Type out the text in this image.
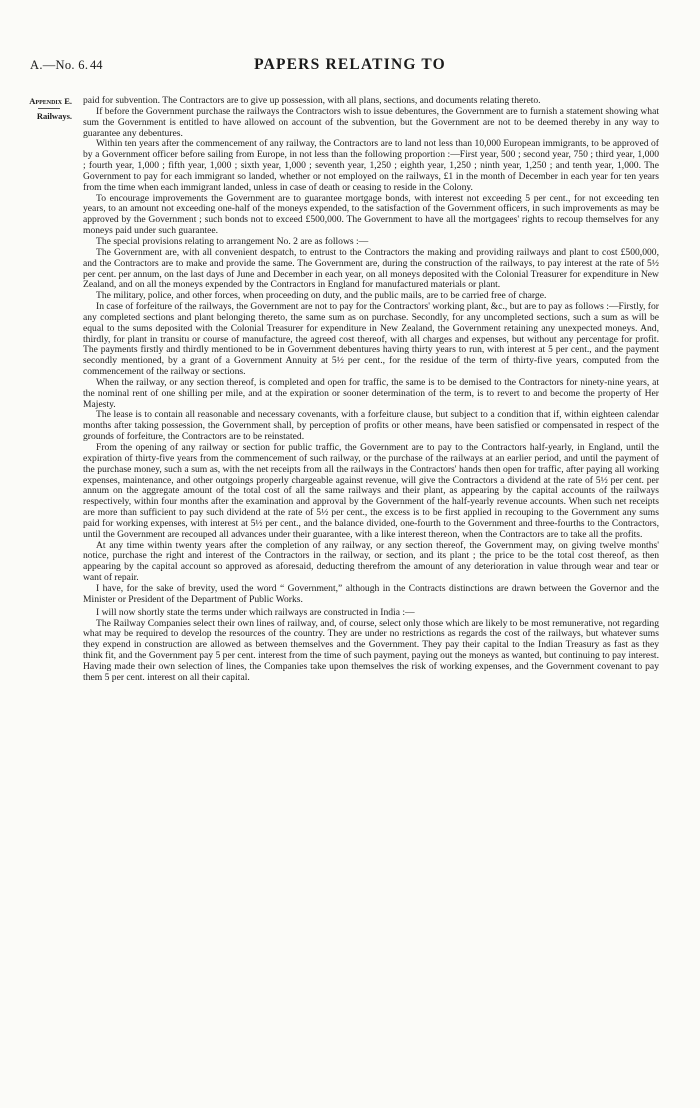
A.—No. 6. 44	PAPERS RELATING TO
Appendix E.
Railways.

paid for subvention. The Contractors are to give up possession, with all plans, sections, and documents relating thereto.

If before the Government purchase the railways the Contractors wish to issue debentures, the Government are to furnish a statement showing what sum the Government is entitled to have allowed on account of the subvention, but the Government are not to be deemed thereby in any way to guarantee any debentures.

Within ten years after the commencement of any railway, the Contractors are to land not less than 10,000 European immigrants, to be approved of by a Government officer before sailing from Europe, in not less than the following proportion :—First year, 500 ; second year, 750 ; third year, 1,000 ; fourth year, 1,000 ; fifth year, 1,000 ; sixth year, 1,000 ; seventh year, 1,250 ; eighth year, 1,250 ; ninth year, 1,250 ; and tenth year, 1,000. The Government to pay for each immigrant so landed, whether or not employed on the railways, £1 in the month of December in each year for ten years from the time when each immigrant landed, unless in case of death or ceasing to reside in the Colony.

To encourage improvements the Government are to guarantee mortgage bonds, with interest not exceeding 5 per cent., for not exceeding ten years, to an amount not exceeding one-half of the moneys expended, to the satisfaction of the Government officers, in such improvements as may be approved by the Government ; such bonds not to exceed £500,000. The Government to have all the mortgagees' rights to recoup themselves for any moneys paid under such guarantee.

The special provisions relating to arrangement No. 2 are as follows :—

The Government are, with all convenient despatch, to entrust to the Contractors the making and providing railways and plant to cost £500,000, and the Contractors are to make and provide the same. The Government are, during the construction of the railways, to pay interest at the rate of 5½ per cent. per annum, on the last days of June and December in each year, on all moneys deposited with the Colonial Treasurer for expenditure in New Zealand, and on all the moneys expended by the Contractors in England for manufactured materials or plant.

The military, police, and other forces, when proceeding on duty, and the public mails, are to be carried free of charge.

In case of forfeiture of the railways, the Government are not to pay for the Contractors' working plant, &c., but are to pay as follows :—Firstly, for any completed sections and plant belonging thereto, the same sum as on purchase. Secondly, for any uncompleted sections, such a sum as will be equal to the sums deposited with the Colonial Treasurer for expenditure in New Zealand, the Government retaining any unexpected moneys. And, thirdly, for plant in transitu or course of manufacture, the agreed cost thereof, with all charges and expenses, but without any percentage for profit. The payments firstly and thirdly mentioned to be in Government debentures having thirty years to run, with interest at 5 per cent., and the payment secondly mentioned, by a grant of a Government Annuity at 5½ per cent., for the residue of the term of thirty-five years, computed from the commencement of the railway or sections.

When the railway, or any section thereof, is completed and open for traffic, the same is to be demised to the Contractors for ninety-nine years, at the nominal rent of one shilling per mile, and at the expiration or sooner determination of the term, is to revert to and become the property of Her Majesty.

The lease is to contain all reasonable and necessary covenants, with a forfeiture clause, but subject to a condition that if, within eighteen calendar months after taking possession, the Government shall, by perception of profits or other means, have been satisfied or compensated in respect of the grounds of forfeiture, the Contractors are to be reinstated.

From the opening of any railway or section for public traffic, the Government are to pay to the Contractors half-yearly, in England, until the expiration of thirty-five years from the commencement of such railway, or the purchase of the railways at an earlier period, and until the payment of the purchase money, such a sum as, with the net receipts from all the railways in the Contractors' hands then open for traffic, after paying all working expenses, maintenance, and other outgoings properly chargeable against revenue, will give the Contractors a dividend at the rate of 5½ per cent. per annum on the aggregate amount of the total cost of all the same railways and their plant, as appearing by the capital accounts of the railways respectively, within four months after the examination and approval by the Government of the half-yearly revenue accounts. When such net receipts are more than sufficient to pay such dividend at the rate of 5½ per cent., the excess is to be first applied in recouping to the Government any sums paid for working expenses, with interest at 5½ per cent., and the balance divided, one-fourth to the Government and three-fourths to the Contractors, until the Government are recouped all advances under their guarantee, with a like interest thereon, when the Contractors are to take all the profits.

At any time within twenty years after the completion of any railway, or any section thereof, the Government may, on giving twelve months' notice, purchase the right and interest of the Contractors in the railway, or section, and its plant ; the price to be the total cost thereof, as then appearing by the capital account so approved as aforesaid, deducting therefrom the amount of any deterioration in value through wear and tear or want of repair.

I have, for the sake of brevity, used the word “ Government,” although in the Contracts distinctions are drawn between the Governor and the Minister or President of the Department of Public Works.

I will now shortly state the terms under which railways are constructed in India :—

The Railway Companies select their own lines of railway, and, of course, select only those which are likely to be most remunerative, not regarding what may be required to develop the resources of the country. They are under no restrictions as regards the cost of the railways, but whatever sums they expend in construction are allowed as between themselves and the Government. They pay their capital to the Indian Treasury as fast as they think fit, and the Government pay 5 per cent. interest from the time of such payment, paying out the moneys as wanted, but continuing to pay interest. Having made their own selection of lines, the Companies take upon themselves the risk of working expenses, and the Government covenant to pay them 5 per cent. interest on all their capital.
